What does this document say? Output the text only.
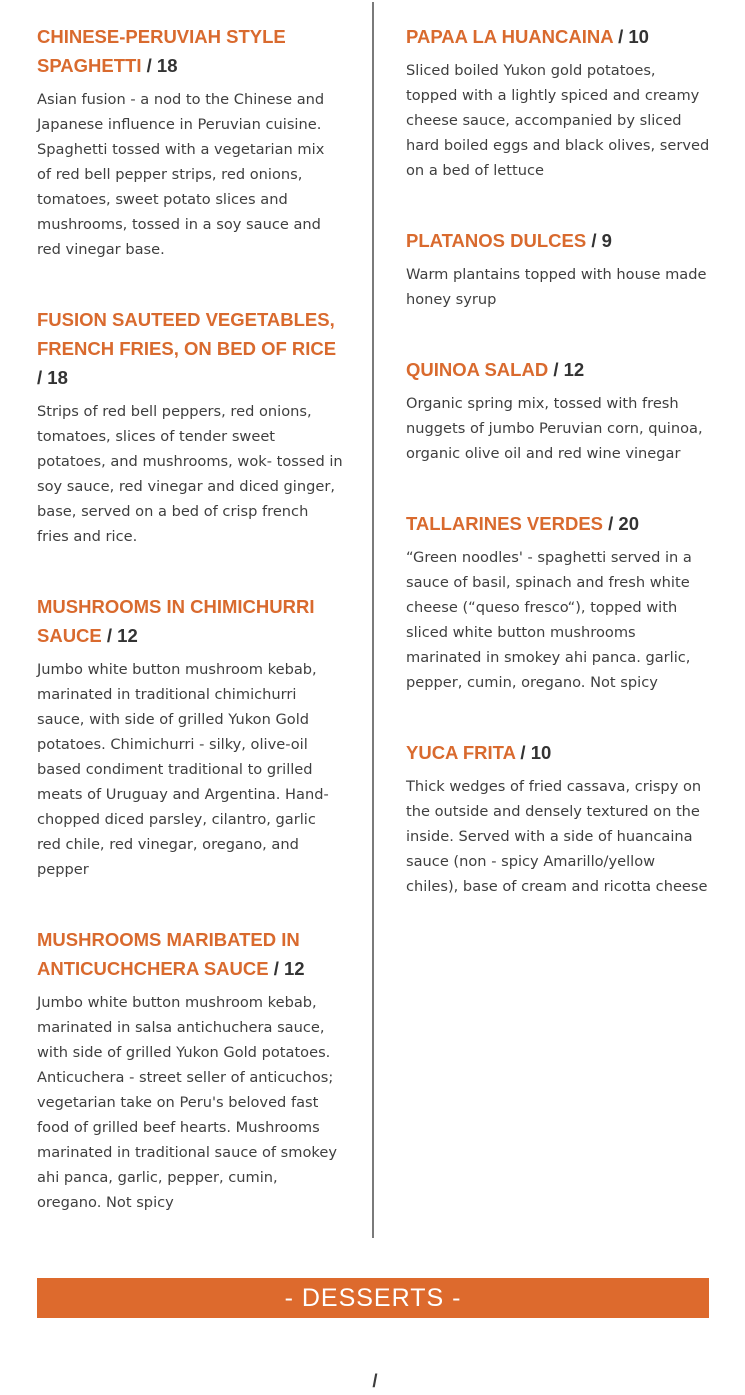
CHINESE-PERUVIAH STYLE SPAGHETTI / 18

Asian fusion - a nod to the Chinese and Japanese influence in Peruvian cuisine. Spaghetti tossed with a vegetarian mix of red bell pepper strips, red onions, tomatoes, sweet potato slices and mushrooms, tossed in a soy sauce and red vinegar base.

FUSION SAUTEED VEGETABLES, FRENCH FRIES, ON BED OF RICE / 18

Strips of red bell peppers, red onions, tomatoes, slices of tender sweet potatoes, and mushrooms, wok- tossed in soy sauce, red vinegar and diced ginger, base, served on a bed of crisp french fries and rice.

MUSHROOMS IN CHIMICHURRI SAUCE / 12

Jumbo white button mushroom kebab, marinated in traditional chimichurri sauce, with side of grilled Yukon Gold potatoes. Chimichurri - silky, olive-oil based condiment traditional to grilled meats of Uruguay and Argentina. Hand-chopped diced parsley, cilantro, garlic red chile, red vinegar, oregano, and pepper

MUSHROOMS MARIBATED IN ANTICUCHCHERA SAUCE / 12

Jumbo white button mushroom kebab, marinated in salsa antichuchera sauce, with side of grilled Yukon Gold potatoes. Anticuchera - street seller of anticuchos; vegetarian take on Peru's beloved fast food of grilled beef hearts. Mushrooms marinated in traditional sauce of smokey ahi panca, garlic, pepper, cumin, oregano. Not spicy

PAPAA LA HUANCAINA / 10

Sliced boiled Yukon gold potatoes, topped with a lightly spiced and creamy cheese sauce, accompanied by sliced hard boiled eggs and black olives, served on a bed of lettuce

PLATANOS DULCES / 9

Warm plantains topped with house made honey syrup

QUINOA SALAD / 12

Organic spring mix, tossed with fresh nuggets of jumbo Peruvian corn, quinoa, organic olive oil and red wine vinegar

TALLARINES VERDES / 20

“Green noodles' - spaghetti served in a sauce of basil, spinach and fresh white cheese (“queso fresco“), topped with sliced white button mushrooms marinated in smokey ahi panca. garlic, pepper, cumin, oregano. Not spicy

YUCA FRITA / 10

Thick wedges of fried cassava, crispy on the outside and densely textured on the inside. Served with a side of huancaina sauce (non - spicy Amarillo/yellow chiles), base of cream and ricotta cheese

- DESSERTS -
/
